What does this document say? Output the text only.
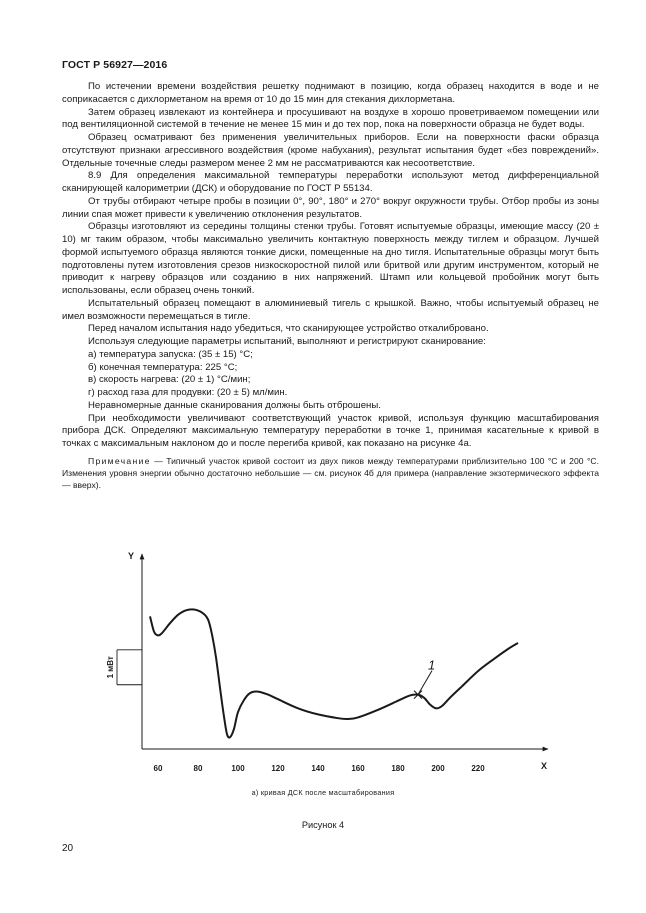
ГОСТ Р 56927—2016

По истечении времени воздействия решетку поднимают в позицию, когда образец находится в воде и не соприкасается с дихлорметаном на время от 10 до 15 мин для стекания дихлорметана.

Затем образец извлекают из контейнера и просушивают на воздухе в хорошо проветриваемом помещении или под вентиляционной системой в течение не менее 15 мин и до тех пор, пока на поверхности образца не будет воды.

Образец осматривают без применения увеличительных приборов. Если на поверхности фаски образца отсутствуют признаки агрессивного воздействия (кроме набухания), результат испытания будет «без повреждений». Отдельные точечные следы размером менее 2 мм не рассматриваются как несоответствие.

8.9 Для определения максимальной температуры переработки используют метод дифференциальной сканирующей калориметрии (ДСК) и оборудование по ГОСТ Р 55134.

От трубы отбирают четыре пробы в позиции 0°, 90°, 180° и 270° вокруг окружности трубы. Отбор пробы из зоны линии спая может привести к увеличению отклонения результатов.

Образцы изготовляют из середины толщины стенки трубы. Готовят испытуемые образцы, имеющие массу (20 ± 10) мг таким образом, чтобы максимально увеличить контактную поверхность между тиглем и образцом. Лучшей формой испытуемого образца являются тонкие диски, помещенные на дно тигля. Испытательные образцы могут быть подготовлены путем изготовления срезов низкоскоростной пилой или бритвой или другим инструментом, который не приводит к нагреву образцов или созданию в них напряжений. Штамп или кольцевой пробойник могут быть использованы, если образец очень тонкий.

Испытательный образец помещают в алюминиевый тигель с крышкой. Важно, чтобы испытуемый образец не имел возможности перемещаться в тигле.

Перед началом испытания надо убедиться, что сканирующее устройство откалиброванo.

Используя следующие параметры испытаний, выполняют и регистрируют сканирование:

а) температура запуска: (35 ± 15) °С;

б) конечная температура: 225 °С;

в) скорость нагрева: (20 ± 1) °С/мин;

г) расход газа для продувки: (20 ± 5) мл/мин.

Неравномерные данные сканирования должны быть отброшены.

При необходимости увеличивают соответствующий участок кривой, используя функцию масштабирования прибора ДСК. Определяют максимальную температуру переработки в точке 1, принимая касательные к кривой в точках с максимальным наклоном до и после перегиба кривой, как показано на рисунке 4а.

Примечание — Типичный участок кривой состоит из двух пиков между температурами приблизительно 100 °С и 200 °С. Изменения уровня энергии обычно достаточно небольшие — см. рисунок 4б для примера (направление экзотермического эффекта — вверх).

Y
X
60	80	100	120	140	160	180	200	220
1 мВт	1
а) кривая ДСК после масштабирования
Рисунок 4
20
